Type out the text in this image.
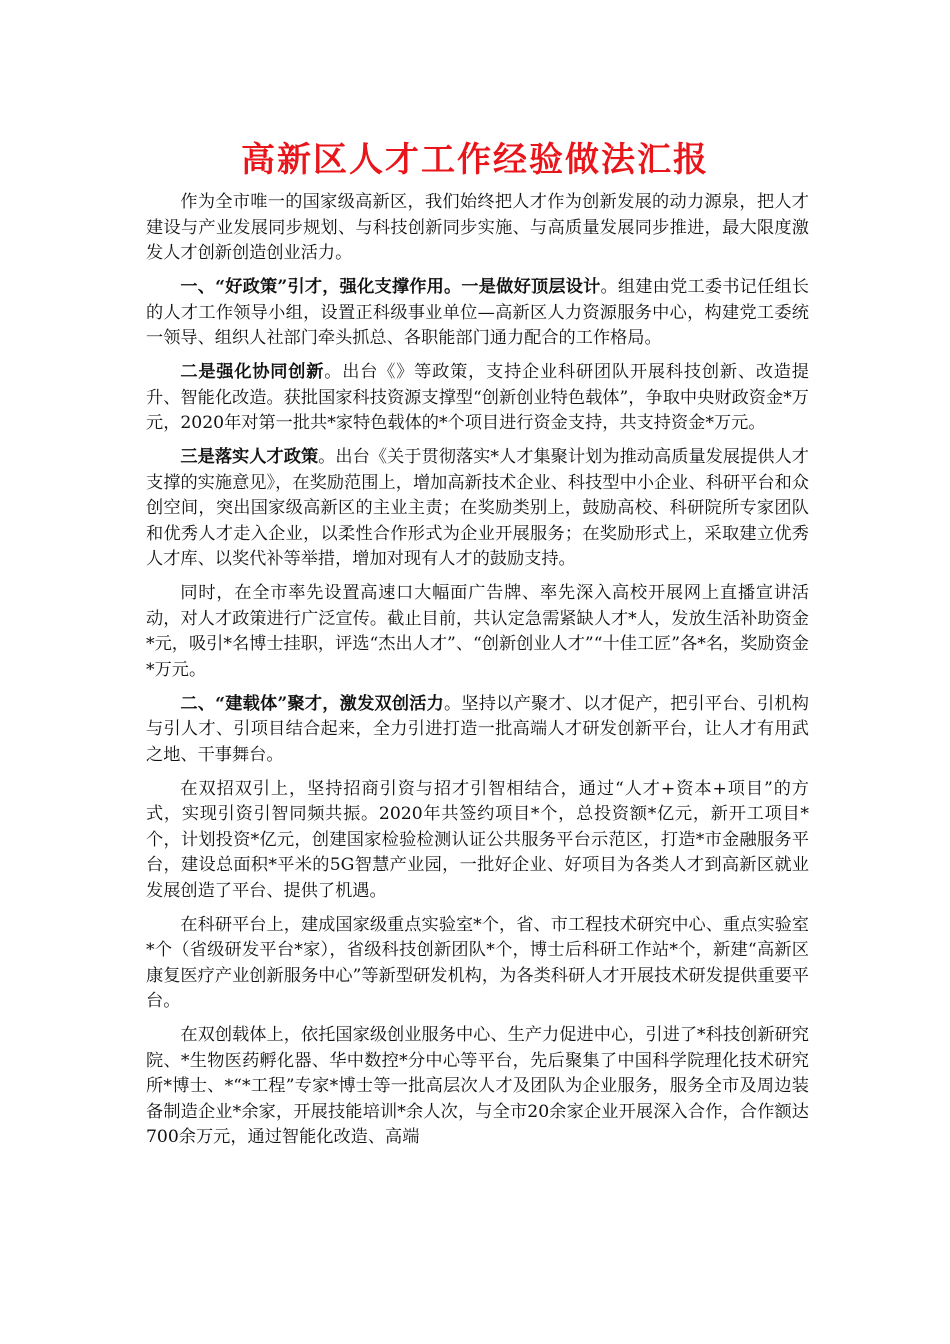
高新区人才工作经验做法汇报

作为全市唯一的国家级高新区，我们始终把人才作为创新发展的动力源泉，把人才建设与产业发展同步规划、与科技创新同步实施、与高质量发展同步推进，最大限度激发人才创新创造创业活力。

一、“好政策”引才，强化支撑作用。一是做好顶层设计。组建由党工委书记任组长的人才工作领导小组，设置正科级事业单位—高新区人力资源服务中心，构建党工委统一领导、组织人社部门牵头抓总、各职能部门通力配合的工作格局。

二是强化协同创新。出台《》等政策，支持企业科研团队开展科技创新、改造提升、智能化改造。获批国家科技资源支撑型“创新创业特色载体”，争取中央财政资金*万元，2020年对第一批共*家特色载体的*个项目进行资金支持，共支持资金*万元。

三是落实人才政策。出台《关于贯彻落实*人才集聚计划为推动高质量发展提供人才支撑的实施意见》，在奖励范围上，增加高新技术企业、科技型中小企业、科研平台和众创空间，突出国家级高新区的主业主责；在奖励类别上，鼓励高校、科研院所专家团队和优秀人才走入企业，以柔性合作形式为企业开展服务；在奖励形式上，采取建立优秀人才库、以奖代补等举措，增加对现有人才的鼓励支持。

同时，在全市率先设置高速口大幅面广告牌、率先深入高校开展网上直播宣讲活动，对人才政策进行广泛宣传。截止目前，共认定急需紧缺人才*人，发放生活补助资金*元，吸引*名博士挂职，评选“杰出人才”、“创新创业人才”“十佳工匠”各*名，奖励资金*万元。

二、“建载体”聚才，激发双创活力。坚持以产聚才、以才促产，把引平台、引机构与引人才、引项目结合起来，全力引进打造一批高端人才研发创新平台，让人才有用武之地、干事舞台。

在双招双引上，坚持招商引资与招才引智相结合，通过“人才+资本+项目”的方式，实现引资引智同频共振。2020年共签约项目*个，总投资额*亿元，新开工项目*个，计划投资*亿元，创建国家检验检测认证公共服务平台示范区，打造*市金融服务平台，建设总面积*平米的5G智慧产业园，一批好企业、好项目为各类人才到高新区就业发展创造了平台、提供了机遇。

在科研平台上，建成国家级重点实验室*个，省、市工程技术研究中心、重点实验室*个（省级研发平台*家），省级科技创新团队*个，博士后科研工作站*个，新建“高新区康复医疗产业创新服务中心”等新型研发机构，为各类科研人才开展技术研发提供重要平台。

在双创载体上，依托国家级创业服务中心、生产力促进中心，引进了*科技创新研究院、*生物医药孵化器、华中数控*分中心等平台，先后聚集了中国科学院理化技术研究所*博士、*“*工程”专家*博士等一批高层次人才及团队为企业服务，服务全市及周边装备制造企业*余家，开展技能培训*余人次，与全市20余家企业开展深入合作，合作额达700余万元，通过智能化改造、高端
